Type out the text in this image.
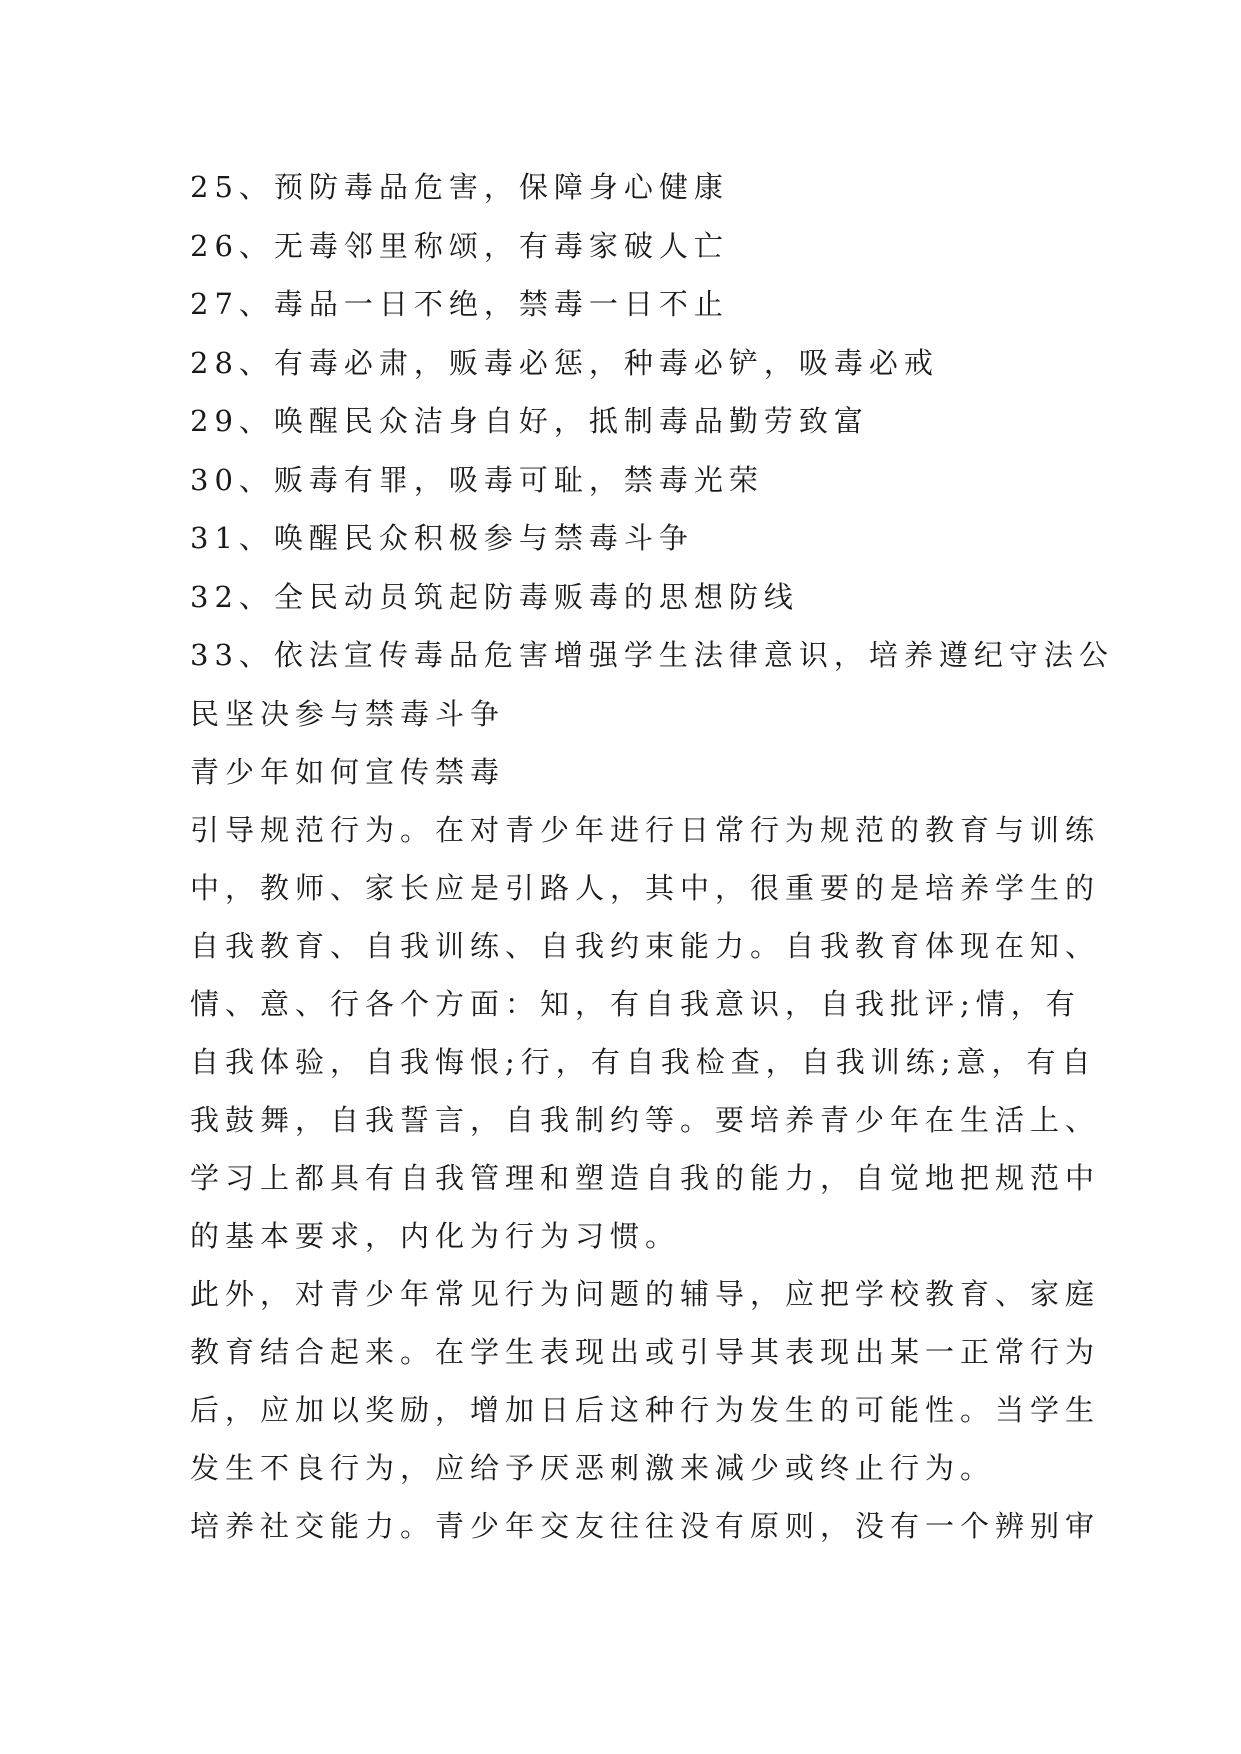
25、预防毒品危害，保障身心健康

26、无毒邻里称颂，有毒家破人亡

27、毒品一日不绝，禁毒一日不止

28、有毒必肃，贩毒必惩，种毒必铲，吸毒必戒

29、唤醒民众洁身自好，抵制毒品勤劳致富

30、贩毒有罪，吸毒可耻，禁毒光荣

31、唤醒民众积极参与禁毒斗争

32、全民动员筑起防毒贩毒的思想防线

33、依法宣传毒品危害增强学生法律意识，培养遵纪守法公

民坚决参与禁毒斗争

青少年如何宣传禁毒

引导规范行为。在对青少年进行日常行为规范的教育与训练

中，教师、家长应是引路人，其中，很重要的是培养学生的

自我教育、自我训练、自我约束能力。自我教育体现在知、

情、意、行各个方面：知，有自我意识，自我批评;情，有

自我体验，自我悔恨;行，有自我检查，自我训练;意，有自

我鼓舞，自我誓言，自我制约等。要培养青少年在生活上、

学习上都具有自我管理和塑造自我的能力，自觉地把规范中

的基本要求，内化为行为习惯。

此外，对青少年常见行为问题的辅导，应把学校教育、家庭

教育结合起来。在学生表现出或引导其表现出某一正常行为

后，应加以奖励，增加日后这种行为发生的可能性。当学生

发生不良行为，应给予厌恶刺激来减少或终止行为。

培养社交能力。青少年交友往往没有原则，没有一个辨别审
